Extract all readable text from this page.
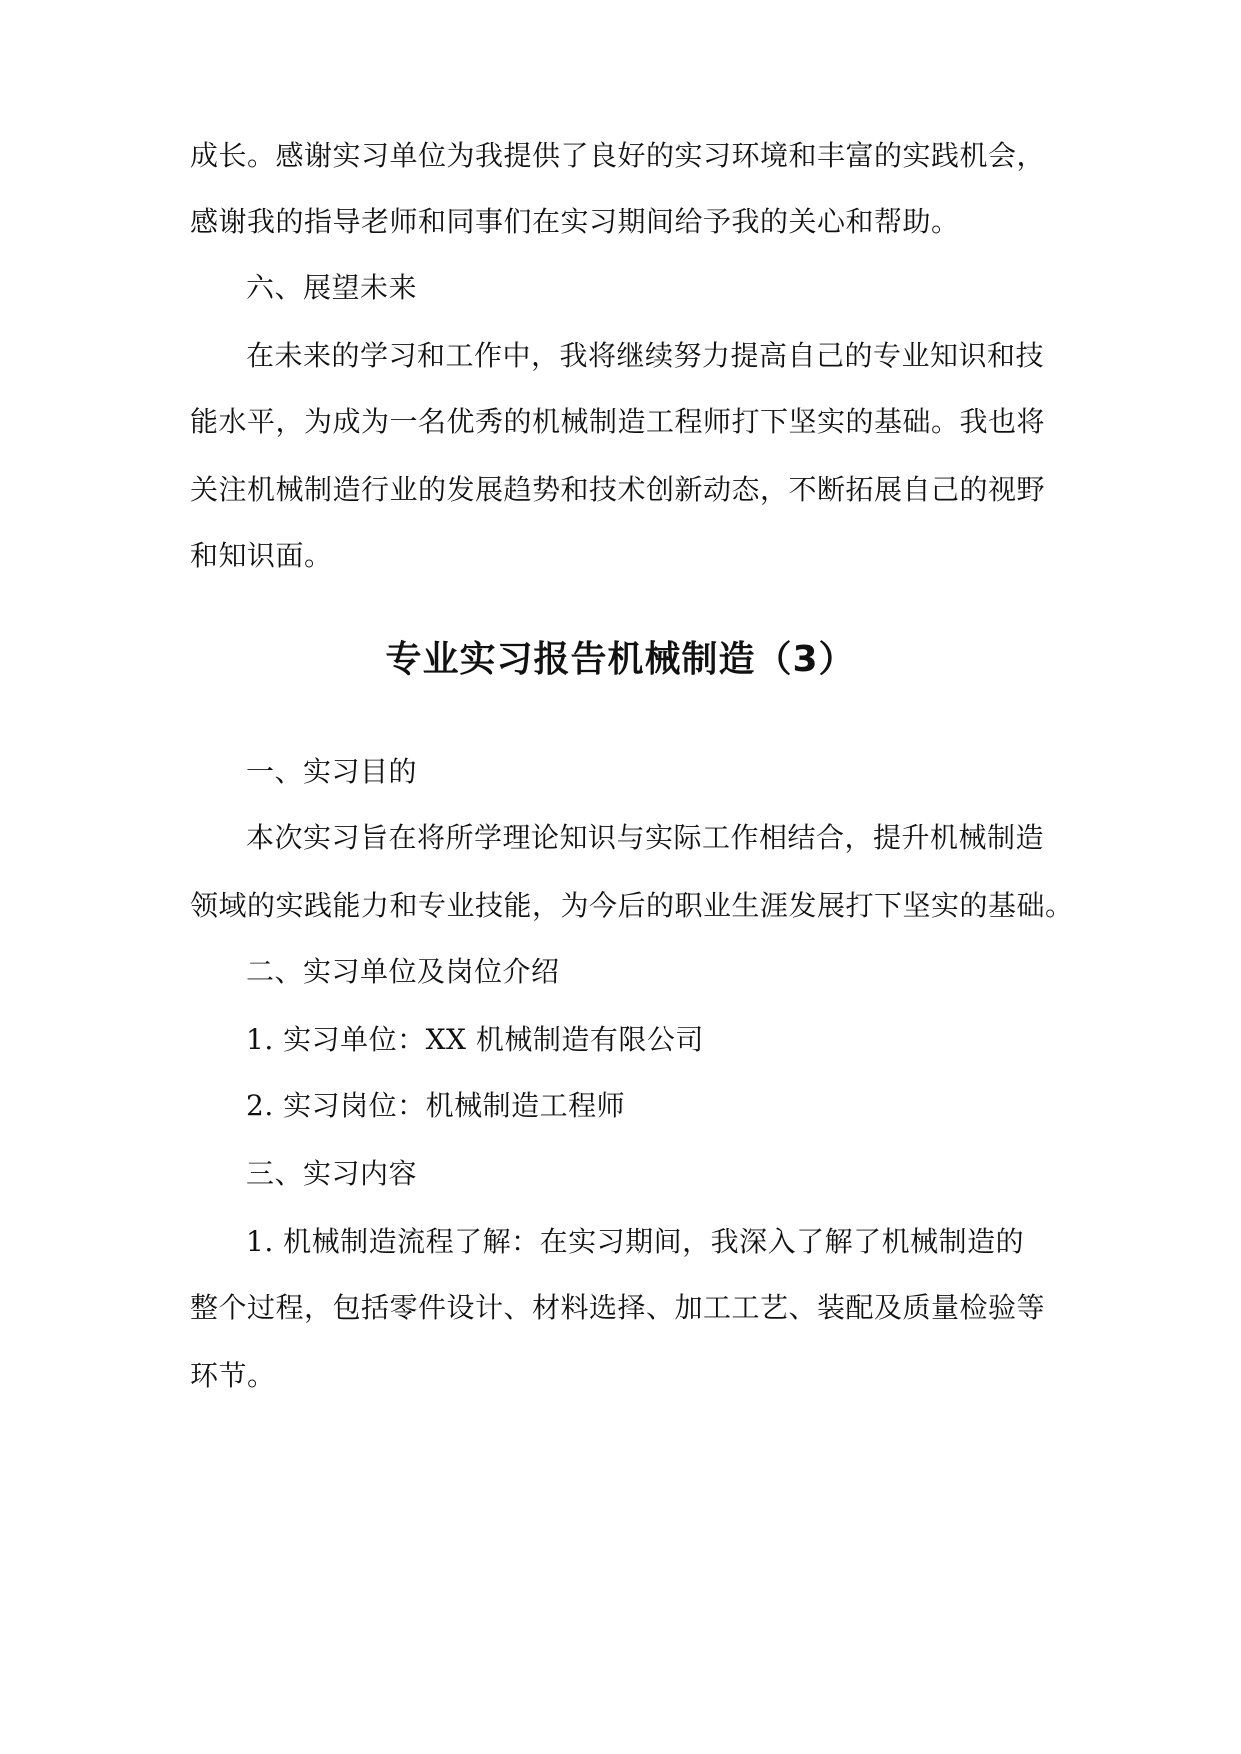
成长。感谢实习单位为我提供了良好的实习环境和丰富的实践机会，
感谢我的指导老师和同事们在实习期间给予我的关心和帮助。
六、展望未来
在未来的学习和工作中，我将继续努力提高自己的专业知识和技
能水平，为成为一名优秀的机械制造工程师打下坚实的基础。我也将
关注机械制造行业的发展趋势和技术创新动态，不断拓展自己的视野
和知识面。
专业实习报告机械制造（3）
一、实习目的
本次实习旨在将所学理论知识与实际工作相结合，提升机械制造
领域的实践能力和专业技能，为今后的职业生涯发展打下坚实的基础。
二、实习单位及岗位介绍
1. 实习单位：XX 机械制造有限公司
2. 实习岗位：机械制造工程师
三、实习内容
1. 机械制造流程了解：在实习期间，我深入了解了机械制造的
整个过程，包括零件设计、材料选择、加工工艺、装配及质量检验等
环节。
